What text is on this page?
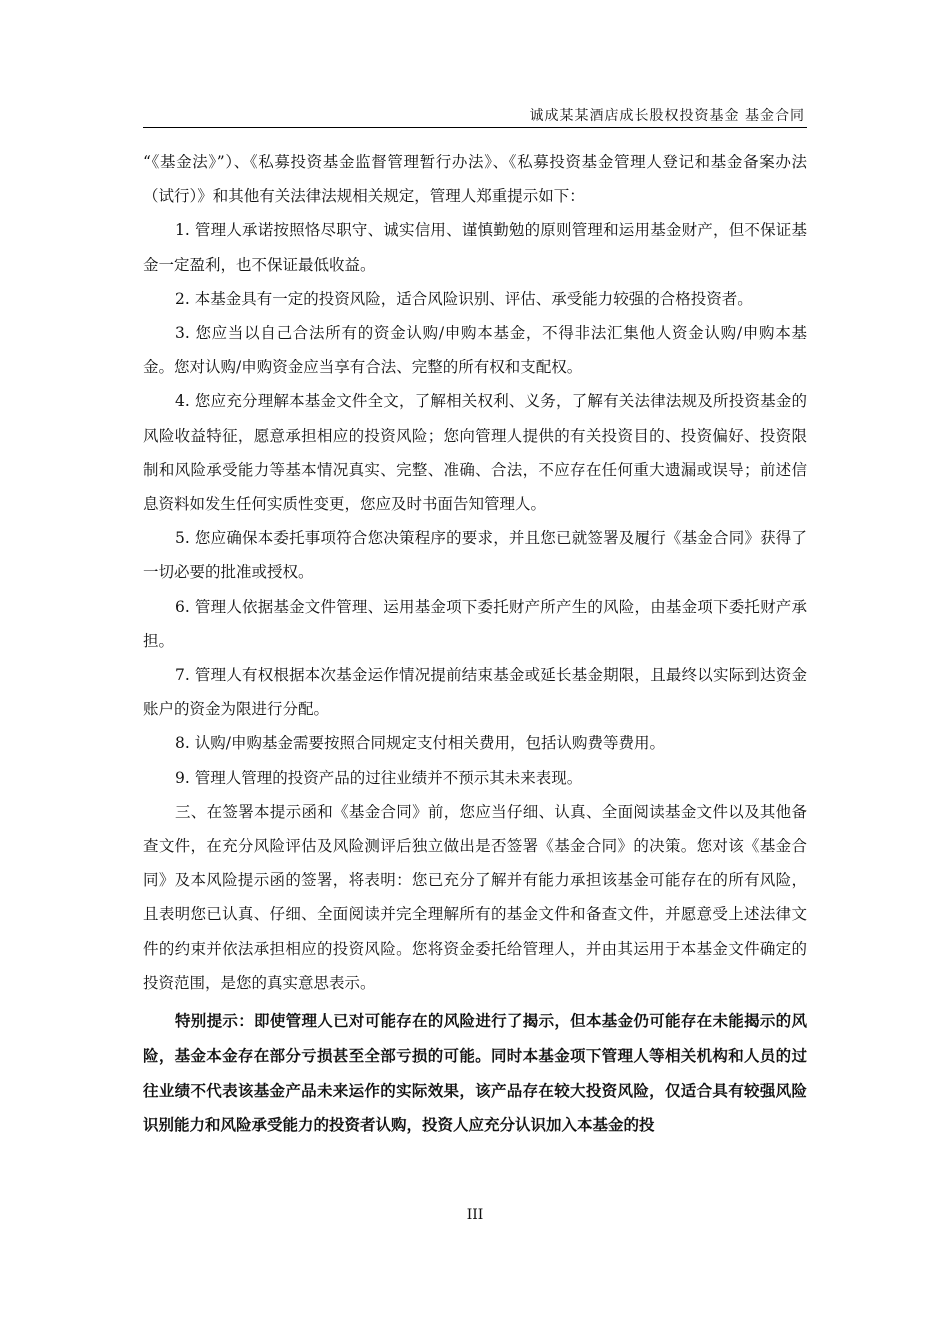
诚成某某酒店成长股权投资基金 基金合同

“《基金法》”）、《私募投资基金监督管理暂行办法》、《私募投资基金管理人登记和基金备案办法（试行）》和其他有关法律法规相关规定，管理人郑重提示如下：

1. 管理人承诺按照恪尽职守、诚实信用、谨慎勤勉的原则管理和运用基金财产，但不保证基金一定盈利，也不保证最低收益。

2. 本基金具有一定的投资风险，适合风险识别、评估、承受能力较强的合格投资者。

3. 您应当以自己合法所有的资金认购/申购本基金，不得非法汇集他人资金认购/申购本基金。您对认购/申购资金应当享有合法、完整的所有权和支配权。

4. 您应充分理解本基金文件全文，了解相关权利、义务，了解有关法律法规及所投资基金的风险收益特征，愿意承担相应的投资风险；您向管理人提供的有关投资目的、投资偏好、投资限制和风险承受能力等基本情况真实、完整、准确、合法，不应存在任何重大遗漏或误导；前述信息资料如发生任何实质性变更，您应及时书面告知管理人。

5. 您应确保本委托事项符合您决策程序的要求，并且您已就签署及履行《基金合同》获得了一切必要的批准或授权。

6. 管理人依据基金文件管理、运用基金项下委托财产所产生的风险，由基金项下委托财产承担。

7. 管理人有权根据本次基金运作情况提前结束基金或延长基金期限，且最终以实际到达资金账户的资金为限进行分配。

8. 认购/申购基金需要按照合同规定支付相关费用，包括认购费等费用。

9. 管理人管理的投资产品的过往业绩并不预示其未来表现。

三、在签署本提示函和《基金合同》前，您应当仔细、认真、全面阅读基金文件以及其他备查文件，在充分风险评估及风险测评后独立做出是否签署《基金合同》的决策。您对该《基金合同》及本风险提示函的签署，将表明：您已充分了解并有能力承担该基金可能存在的所有风险，且表明您已认真、仔细、全面阅读并完全理解所有的基金文件和备查文件，并愿意受上述法律文件的约束并依法承担相应的投资风险。您将资金委托给管理人，并由其运用于本基金文件确定的投资范围，是您的真实意思表示。

特别提示：即使管理人已对可能存在的风险进行了揭示，但本基金仍可能存在未能揭示的风险，基金本金存在部分亏损甚至全部亏损的可能。同时本基金项下管理人等相关机构和人员的过往业绩不代表该基金产品未来运作的实际效果，该产品存在较大投资风险，仅适合具有较强风险识别能力和风险承受能力的投资者认购，投资人应充分认识加入本基金的投

III
